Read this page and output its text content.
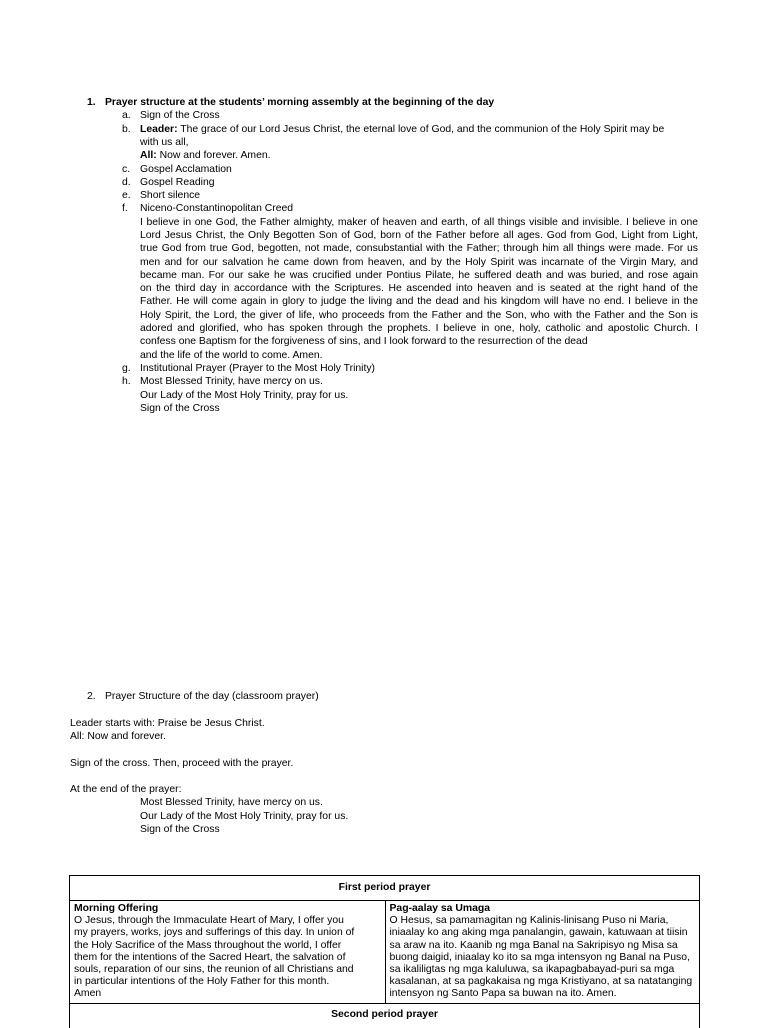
1. Prayer structure at the students’ morning assembly at the beginning of the day
a. Sign of the Cross
b. Leader: The grace of our Lord Jesus Christ, the eternal love of God, and the communion of the Holy Spirit may be
with us all,
All: Now and forever. Amen.
c. Gospel Acclamation
d. Gospel Reading
e. Short silence
f. Niceno-Constantinopolitan Creed
I believe in one God, the Father almighty, maker of heaven and earth, of all things visible and invisible. I believe in one
Lord Jesus Christ, the Only Begotten Son of God, born of the Father before all ages. God from God, Light from Light,
true God from true God, begotten, not made, consubstantial with the Father; through him all things were made. For us
men and for our salvation he came down from heaven, and by the Holy Spirit was incarnate of the Virgin Mary, and
became man. For our sake he was crucified under Pontius Pilate, he suffered death and was buried, and rose again
on the third day in accordance with the Scriptures. He ascended into heaven and is seated at the right hand of the
Father. He will come again in glory to judge the living and the dead and his kingdom will have no end. I believe in the
Holy Spirit, the Lord, the giver of life, who proceeds from the Father and the Son, who with the Father and the Son is
adored and glorified, who has spoken through the prophets. I believe in one, holy, catholic and apostolic Church. I
confess one Baptism for the forgiveness of sins, and I look forward to the resurrection of the dead
and the life of the world to come. Amen.
g. Institutional Prayer (Prayer to the Most Holy Trinity)
h. Most Blessed Trinity, have mercy on us.
Our Lady of the Most Holy Trinity, pray for us.
Sign of the Cross
2. Prayer Structure of the day (classroom prayer)
Leader starts with: Praise be Jesus Christ.
All: Now and forever.
Sign of the cross. Then, proceed with the prayer.
At the end of the prayer:
Most Blessed Trinity, have mercy on us.
Our Lady of the Most Holy Trinity, pray for us.
Sign of the Cross
First period prayer
Morning Offering
O Jesus, through the Immaculate Heart of Mary, I offer you
my prayers, works, joys and sufferings of this day. In union of
the Holy Sacrifice of the Mass throughout the world, I offer
them for the intentions of the Sacred Heart, the salvation of
souls, reparation of our sins, the reunion of all Christians and
in particular intentions of the Holy Father for this month.
Amen
Pag-aalay sa Umaga
O Hesus, sa pamamagitan ng Kalinis-linisang Puso ni Maria,
iniaalay ko ang aking mga panalangin, gawain, katuwaan at tiisin
sa araw na ito. Kaanib ng mga Banal na Sakripisyo ng Misa sa
buong daigid, iniaalay ko ito sa mga intensyon ng Banal na Puso,
sa ikaliligtas ng mga kaluluwa, sa ikapagbabayad-puri sa mga
kasalanan, at sa pagkakaisa ng mga Kristiyano, at sa natatanging
intensyon ng Santo Papa sa buwan na ito. Amen.
Second period prayer
